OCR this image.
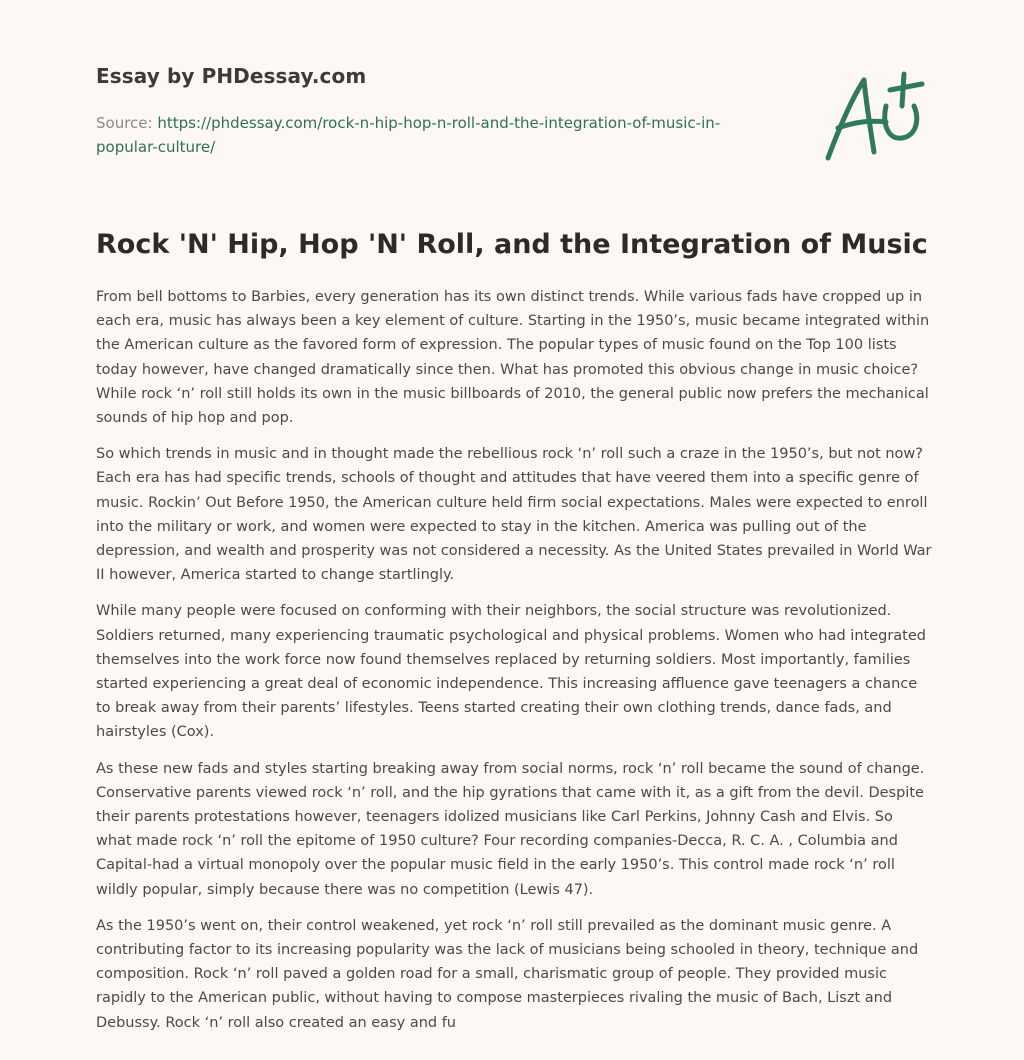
Essay by PHDessay.com
Source: https://phdessay.com/rock-n-hip-hop-n-roll-and-the-integration-of-music-in-popular-culture/
Rock 'N' Hip, Hop 'N' Roll, and the Integration of Music

From bell bottoms to Barbies, every generation has its own distinct trends. While various fads have cropped up in each era, music has always been a key element of culture. Starting in the 1950’s, music became integrated within the American culture as the favored form of expression. The popular types of music found on the Top 100 lists today however, have changed dramatically since then. What has promoted this obvious change in music choice? While rock ‘n’ roll still holds its own in the music billboards of 2010, the general public now prefers the mechanical sounds of hip hop and pop.

So which trends in music and in thought made the rebellious rock ‘n’ roll such a craze in the 1950’s, but not now? Each era has had specific trends, schools of thought and attitudes that have veered them into a specific genre of music. Rockin’ Out Before 1950, the American culture held firm social expectations. Males were expected to enroll into the military or work, and women were expected to stay in the kitchen. America was pulling out of the depression, and wealth and prosperity was not considered a necessity. As the United States prevailed in World War II however, America started to change startlingly.

While many people were focused on conforming with their neighbors, the social structure was revolutionized. Soldiers returned, many experiencing traumatic psychological and physical problems. Women who had integrated themselves into the work force now found themselves replaced by returning soldiers. Most importantly, families started experiencing a great deal of economic independence. This increasing affluence gave teenagers a chance to break away from their parents’ lifestyles. Teens started creating their own clothing trends, dance fads, and hairstyles (Cox).

As these new fads and styles starting breaking away from social norms, rock ‘n’ roll became the sound of change. Conservative parents viewed rock ‘n’ roll, and the hip gyrations that came with it, as a gift from the devil. Despite their parents protestations however, teenagers idolized musicians like Carl Perkins, Johnny Cash and Elvis. So what made rock ‘n’ roll the epitome of 1950 culture? Four recording companies-Decca, R. C. A. , Columbia and Capital-had a virtual monopoly over the popular music field in the early 1950’s. This control made rock ‘n’ roll wildly popular, simply because there was no competition (Lewis 47).

As the 1950’s went on, their control weakened, yet rock ‘n’ roll still prevailed as the dominant music genre. A contributing factor to its increasing popularity was the lack of musicians being schooled in theory, technique and composition. Rock ‘n’ roll paved a golden road for a small, charismatic group of people. They provided music rapidly to the American public, without having to compose masterpieces rivaling the music of Bach, Liszt and Debussy. Rock ‘n’ roll also created an easy and fu
